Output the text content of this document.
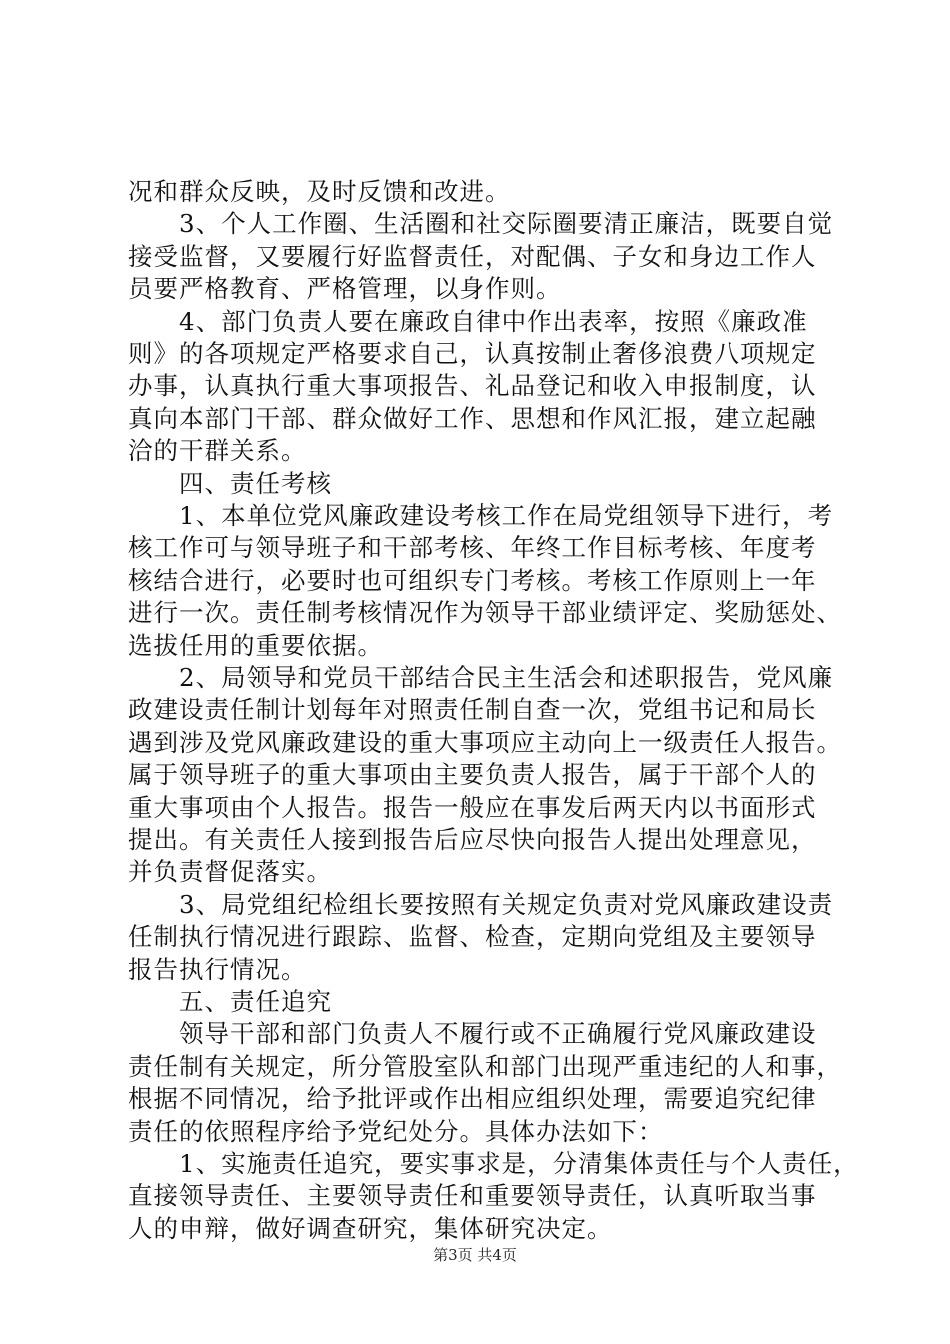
况和群众反映，及时反馈和改进。
　　3、个人工作圈、生活圈和社交际圈要清正廉洁，既要自觉
接受监督，又要履行好监督责任，对配偶、子女和身边工作人
员要严格教育、严格管理，以身作则。
　　4、部门负责人要在廉政自律中作出表率，按照《廉政准
则》的各项规定严格要求自己，认真按制止奢侈浪费八项规定
办事，认真执行重大事项报告、礼品登记和收入申报制度，认
真向本部门干部、群众做好工作、思想和作风汇报，建立起融
洽的干群关系。
　　四、责任考核
　　1、本单位党风廉政建设考核工作在局党组领导下进行，考
核工作可与领导班子和干部考核、年终工作目标考核、年度考
核结合进行，必要时也可组织专门考核。考核工作原则上一年
进行一次。责任制考核情况作为领导干部业绩评定、奖励惩处、
选拔任用的重要依据。
　　2、局领导和党员干部结合民主生活会和述职报告，党风廉
政建设责任制计划每年对照责任制自查一次，党组书记和局长
遇到涉及党风廉政建设的重大事项应主动向上一级责任人报告。
属于领导班子的重大事项由主要负责人报告，属于干部个人的
重大事项由个人报告。报告一般应在事发后两天内以书面形式
提出。有关责任人接到报告后应尽快向报告人提出处理意见，
并负责督促落实。
　　3、局党组纪检组长要按照有关规定负责对党风廉政建设责
任制执行情况进行跟踪、监督、检查，定期向党组及主要领导
报告执行情况。
　　五、责任追究
　　领导干部和部门负责人不履行或不正确履行党风廉政建设
责任制有关规定，所分管股室队和部门出现严重违纪的人和事，
根据不同情况，给予批评或作出相应组织处理，需要追究纪律
责任的依照程序给予党纪处分。具体办法如下：
　　1、实施责任追究，要实事求是，分清集体责任与个人责任，
直接领导责任、主要领导责任和重要领导责任，认真听取当事
人的申辩，做好调查研究，集体研究决定。
第3页 共4页
